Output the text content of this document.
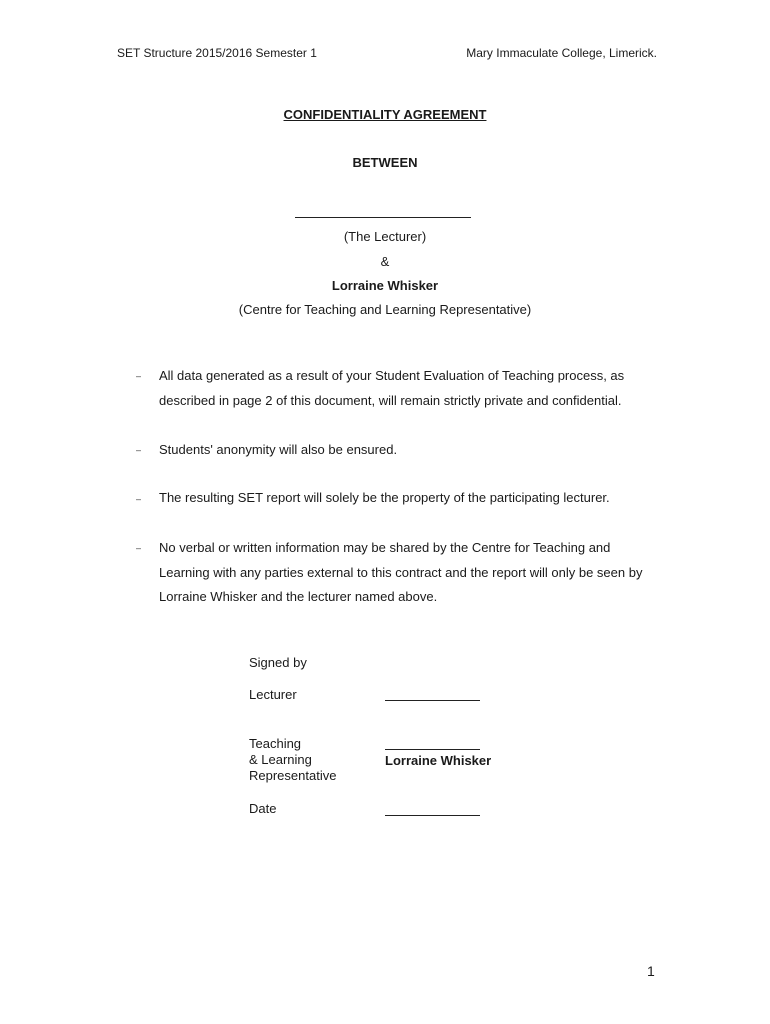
SET Structure 2015/2016 Semester 1	Mary Immaculate College, Limerick.
CONFIDENTIALITY AGREEMENT
BETWEEN
(The Lecturer)
&
Lorraine Whisker
(Centre for Teaching and Learning Representative)
– All data generated as a result of your Student Evaluation of Teaching process, as described in page 2 of this document, will remain strictly private and confidential.
– Students' anonymity will also be ensured.
– The resulting SET report will solely be the property of the participating lecturer.
– No verbal or written information may be shared by the Centre for Teaching and Learning with any parties external to this contract and the report will only be seen by Lorraine Whisker and the lecturer named above.
Signed by
Lecturer
Teaching
& Learning
Representative
Lorraine Whisker
Date
1
